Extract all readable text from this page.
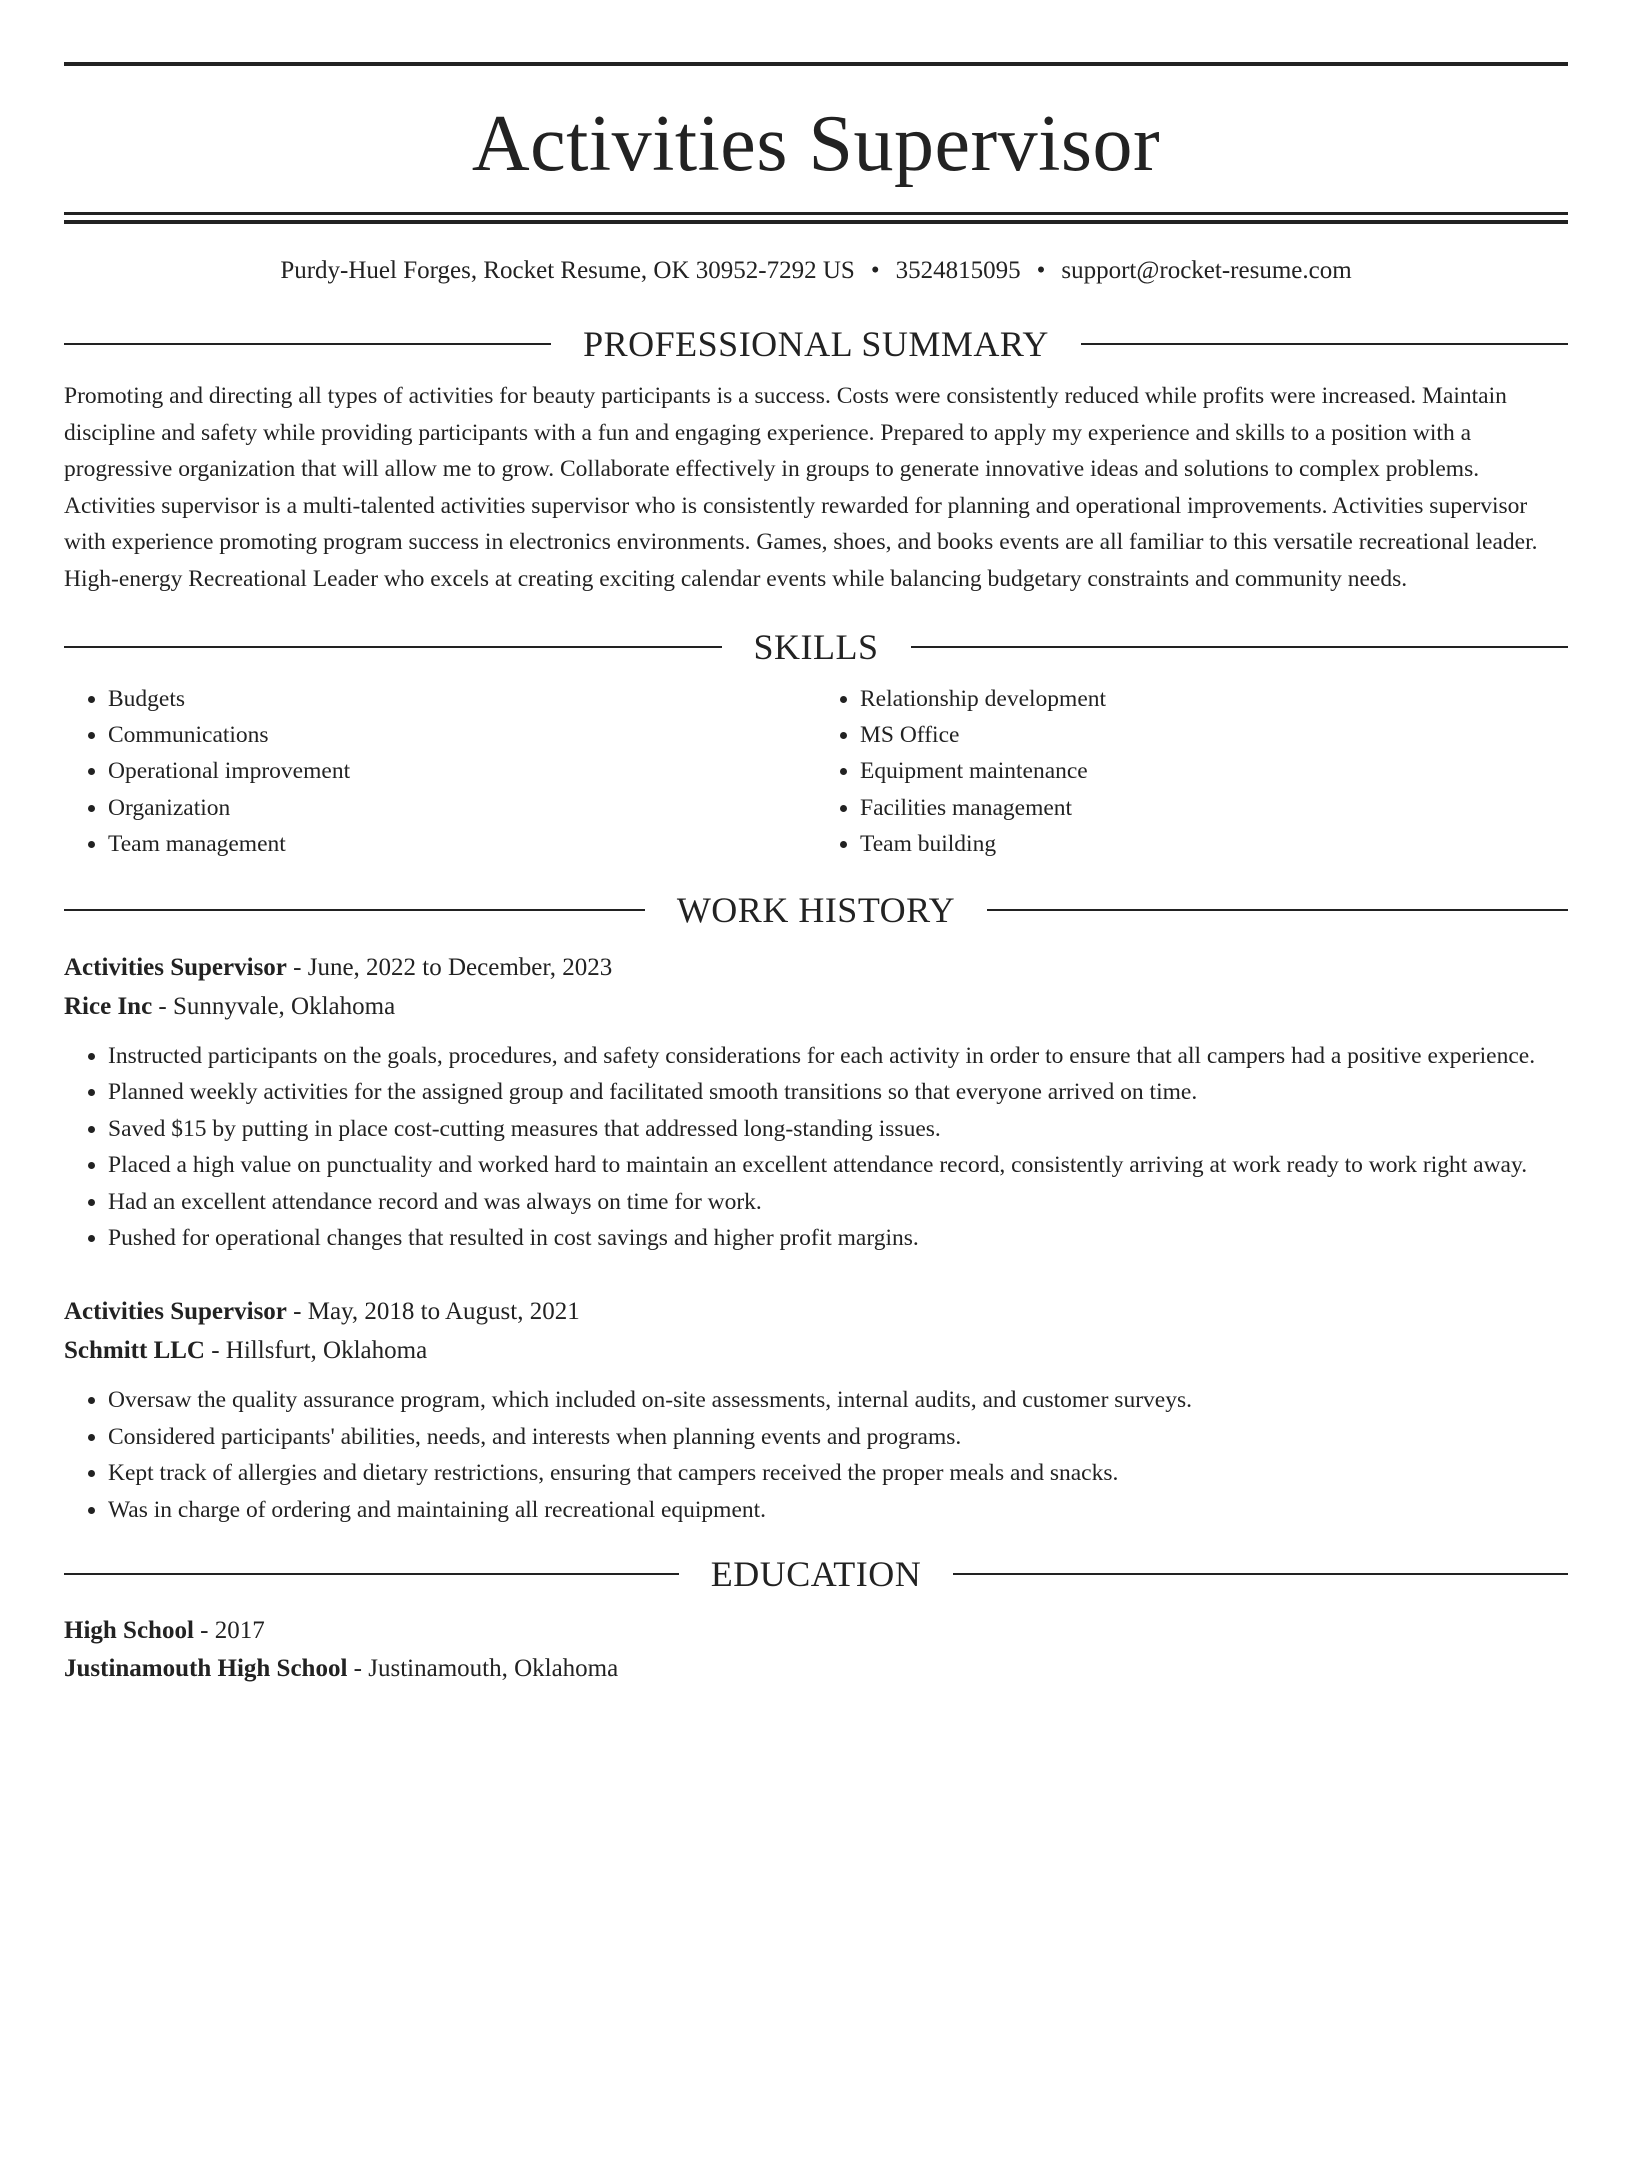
Activities Supervisor
Purdy-Huel Forges, Rocket Resume, OK 30952-7292 US • 3524815095 • support@rocket-resume.com
PROFESSIONAL SUMMARY

Promoting and directing all types of activities for beauty participants is a success. Costs were consistently reduced while profits were increased. Maintain discipline and safety while providing participants with a fun and engaging experience. Prepared to apply my experience and skills to a position with a progressive organization that will allow me to grow. Collaborate effectively in groups to generate innovative ideas and solutions to complex problems. Activities supervisor is a multi-talented activities supervisor who is consistently rewarded for planning and operational improvements. Activities supervisor with experience promoting program success in electronics environments. Games, shoes, and books events are all familiar to this versatile recreational leader. High-energy Recreational Leader who excels at creating exciting calendar events while balancing budgetary constraints and community needs.

SKILLS
• Budgets
• Communications
• Operational improvement
• Organization
• Team management
• Relationship development
• MS Office
• Equipment maintenance
• Facilities management
• Team building
WORK HISTORY
Activities Supervisor - June, 2022 to December, 2023
Rice Inc - Sunnyvale, Oklahoma
• Instructed participants on the goals, procedures, and safety considerations for each activity in order to ensure that all campers had a positive experience.
• Planned weekly activities for the assigned group and facilitated smooth transitions so that everyone arrived on time.
• Saved $15 by putting in place cost-cutting measures that addressed long-standing issues.
• Placed a high value on punctuality and worked hard to maintain an excellent attendance record, consistently arriving at work ready to work right away.
• Had an excellent attendance record and was always on time for work.
• Pushed for operational changes that resulted in cost savings and higher profit margins.
Activities Supervisor - May, 2018 to August, 2021
Schmitt LLC - Hillsfurt, Oklahoma
• Oversaw the quality assurance program, which included on-site assessments, internal audits, and customer surveys.
• Considered participants' abilities, needs, and interests when planning events and programs.
• Kept track of allergies and dietary restrictions, ensuring that campers received the proper meals and snacks.
• Was in charge of ordering and maintaining all recreational equipment.
EDUCATION
High School - 2017
Justinamouth High School - Justinamouth, Oklahoma
